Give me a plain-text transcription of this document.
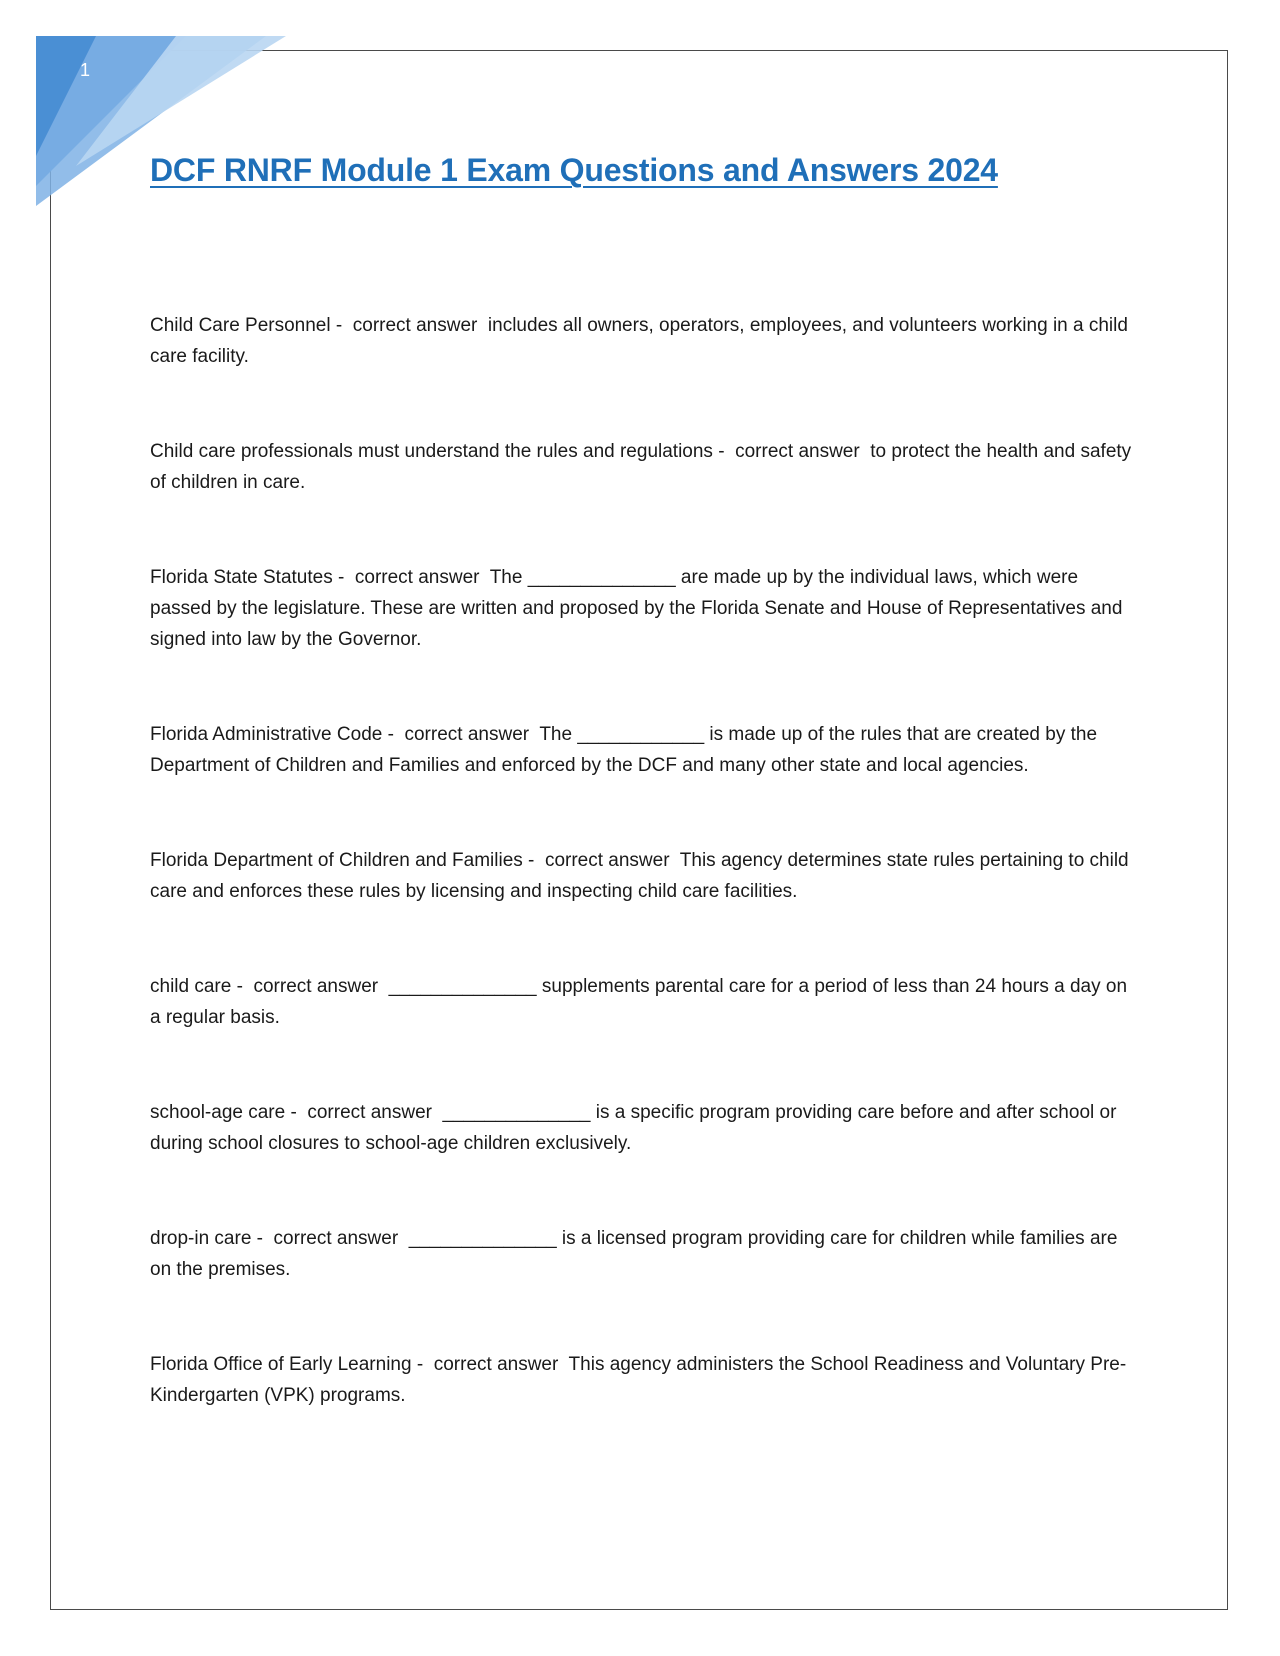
1
DCF RNRF Module 1 Exam Questions and Answers 2024
Child Care Personnel -  correct answer  includes all owners, operators, employees, and volunteers working in a child care facility.
Child care professionals must understand the rules and regulations -  correct answer  to protect the health and safety of children in care.
Florida State Statutes -  correct answer  The ______________ are made up by the individual laws, which were passed by the legislature. These are written and proposed by the Florida Senate and House of Representatives and signed into law by the Governor.
Florida Administrative Code -  correct answer  The ____________ is made up of the rules that are created by the Department of Children and Families and enforced by the DCF and many other state and local agencies.
Florida Department of Children and Families -  correct answer  This agency determines state rules pertaining to child care and enforces these rules by licensing and inspecting child care facilities.
child care -  correct answer  ______________ supplements parental care for a period of less than 24 hours a day on a regular basis.
school-age care -  correct answer  ______________ is a specific program providing care before and after school or during school closures to school-age children exclusively.
drop-in care -  correct answer  ______________ is a licensed program providing care for children while families are on the premises.
Florida Office of Early Learning -  correct answer  This agency administers the School Readiness and Voluntary Pre-Kindergarten (VPK) programs.
